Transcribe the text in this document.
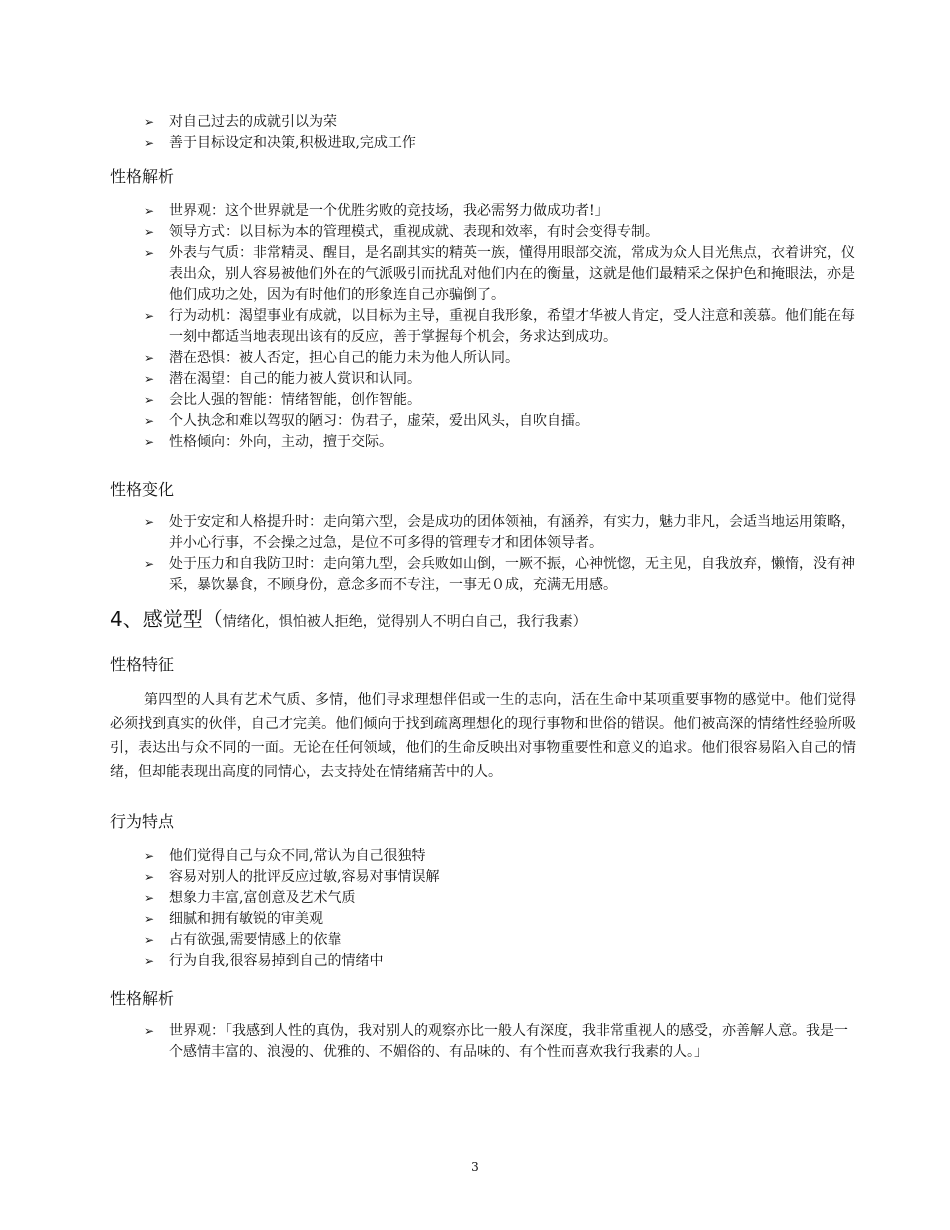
➢ 对自己过去的成就引以为荣
➢ 善于目标设定和决策,积极进取,完成工作
性格解析
➢ 世界观：这个世界就是一个优胜劣败的竞技场，我必需努力做成功者!」
➢ 领导方式：以目标为本的管理模式，重视成就、表现和效率，有时会变得专制。
➢ 外表与气质：非常精灵、醒目，是名副其实的精英一族，懂得用眼部交流，常成为众人目光焦点，衣着讲究，仪表出众，别人容易被他们外在的气派吸引而扰乱对他们内在的衡量，这就是他们最精采之保护色和掩眼法，亦是他们成功之处，因为有时他们的形象连自己亦骗倒了。
➢ 行为动机：渴望事业有成就，以目标为主导，重视自我形象，希望才华被人肯定，受人注意和羡慕。他们能在每一刻中都适当地表现出该有的反应，善于掌握每个机会，务求达到成功。
➢ 潜在恐惧：被人否定，担心自己的能力未为他人所认同。
➢ 潜在渴望：自己的能力被人赏识和认同。
➢ 会比人强的智能：情绪智能，创作智能。
➢ 个人执念和难以驾驭的陋习：伪君子，虚荣，爱出风头，自吹自擂。
➢ 性格倾向：外向，主动，擅于交际。
性格变化
➢ 处于安定和人格提升时：走向第六型，会是成功的团体领袖，有涵养，有实力，魅力非凡，会适当地运用策略，并小心行事，不会操之过急，是位不可多得的管理专才和团体领导者。
➢ 处于压力和自我防卫时：走向第九型，会兵败如山倒，一厥不振，心神恍惚，无主见，自我放弃，懒惰，没有神采，暴饮暴食，不顾身份，意念多而不专注，一事无０成，充满无用感。
4、感觉型（情绪化，惧怕被人拒绝，觉得别人不明白自己，我行我素）
性格特征

第四型的人具有艺术气质、多情，他们寻求理想伴侣或一生的志向，活在生命中某项重要事物的感觉中。他们觉得必须找到真实的伙伴，自己才完美。他们倾向于找到疏离理想化的现行事物和世俗的错误。他们被高深的情绪性经验所吸引，表达出与众不同的一面。无论在任何领域，他们的生命反映出对事物重要性和意义的追求。他们很容易陷入自己的情绪，但却能表现出高度的同情心，去支持处在情绪痛苦中的人。

行为特点
➢ 他们觉得自己与众不同,常认为自己很独特
➢ 容易对别人的批评反应过敏,容易对事情误解
➢ 想象力丰富,富创意及艺术气质
➢ 细腻和拥有敏锐的审美观
➢ 占有欲强,需要情感上的依靠
➢ 行为自我,很容易掉到自己的情绪中
性格解析
➢ 世界观：「我感到人性的真伪，我对别人的观察亦比一般人有深度，我非常重视人的感受，亦善解人意。我是一个感情丰富的、浪漫的、优雅的、不媚俗的、有品味的、有个性而喜欢我行我素的人。」
3
